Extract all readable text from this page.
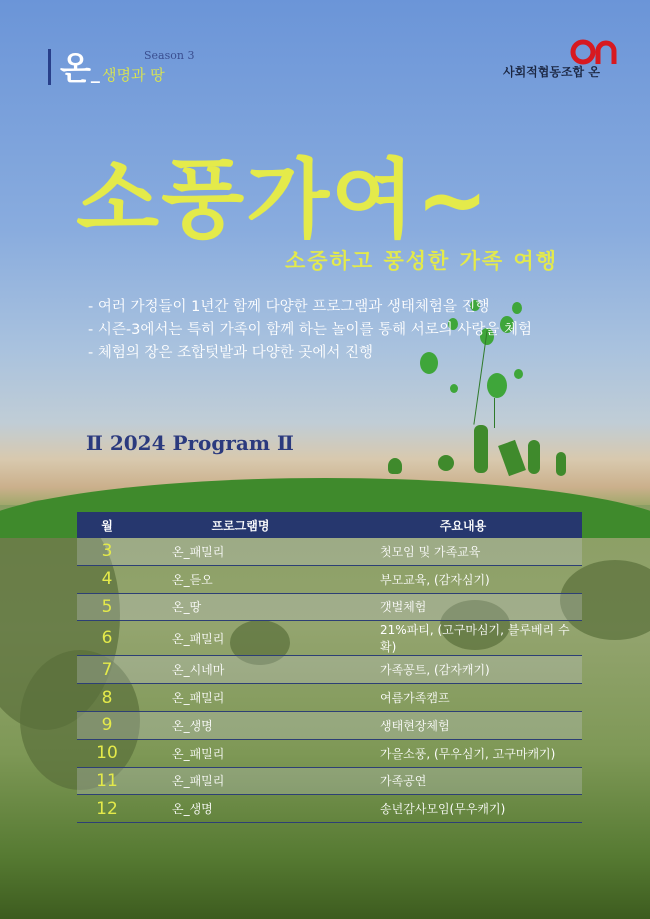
온_
Season 3
생명과 땅	사회적협동조합 온
소풍가여~
소중하고 풍성한 가족 여행
- 여러 가정들이 1년간 함께 다양한 프로그램과 생태체험을 진행
- 시즌-3에서는 특히 가족이 함께 하는 놀이를 통해 서로의 사랑을 체험
- 체험의 장은 조합텃밭과 다양한 곳에서 진행
Ⅱ 2024 Program Ⅱ
월	프로그램명	주요내용
3	온_패밀리	첫모임 및 가족교육
4	온_듣오	부모교육, (감자심기)
5	온_땅	갯벌체험
6	온_패밀리	21%파티, (고구마심기, 블루베리 수확)
7	온_시네마	가족꽁트, (감자캐기)
8	온_패밀리	여름가족캠프
9	온_생명	생태현장체험
10	온_패밀리	가을소풍, (무우심기, 고구마캐기)
11	온_패밀리	가족공연
12	온_생명	송년감사모임(무우캐기)
